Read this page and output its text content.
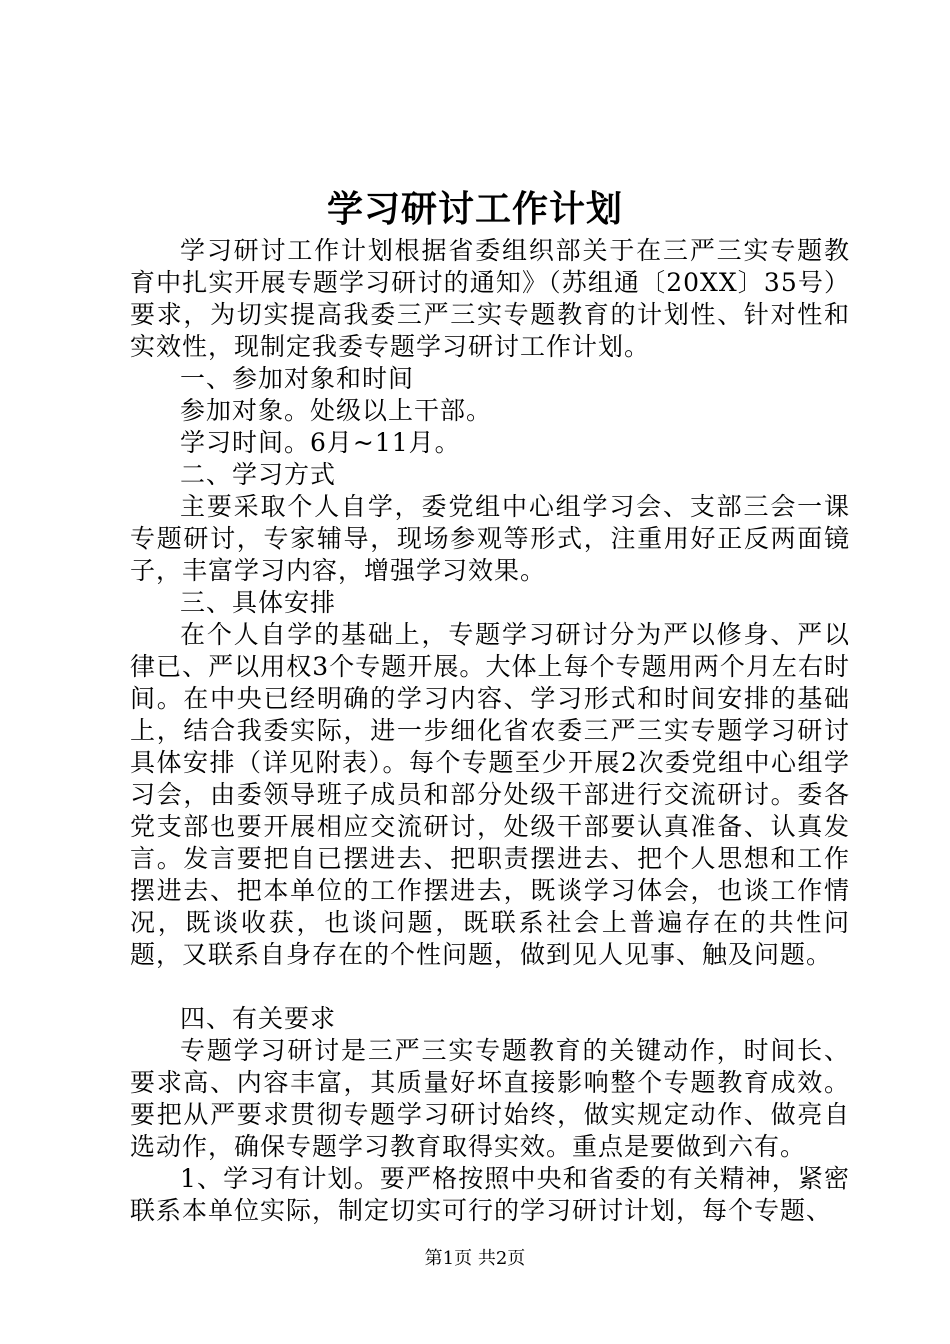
学习研讨工作计划

学习研讨工作计划根据省委组织部关于在三严三实专题教育中扎实开展专题学习研讨的通知》（苏组通〔20XX〕35号）要求，为切实提高我委三严三实专题教育的计划性、针对性和实效性，现制定我委专题学习研讨工作计划。

一、参加对象和时间

参加对象。处级以上干部。

学习时间。6月~11月。

二、学习方式

主要采取个人自学，委党组中心组学习会、支部三会一课专题研讨，专家辅导，现场参观等形式，注重用好正反两面镜子，丰富学习内容，增强学习效果。

三、具体安排

在个人自学的基础上，专题学习研讨分为严以修身、严以律已、严以用权3个专题开展。大体上每个专题用两个月左右时间。在中央已经明确的学习内容、学习形式和时间安排的基础上，结合我委实际，进一步细化省农委三严三实专题学习研讨具体安排（详见附表）。每个专题至少开展2次委党组中心组学习会，由委领导班子成员和部分处级干部进行交流研讨。委各党支部也要开展相应交流研讨，处级干部要认真准备、认真发言。发言要把自已摆进去、把职责摆进去、把个人思想和工作摆进去、把本单位的工作摆进去，既谈学习体会，也谈工作情况，既谈收获，也谈问题，既联系社会上普遍存在的共性问题，又联系自身存在的个性问题，做到见人见事、触及问题。

四、有关要求

专题学习研讨是三严三实专题教育的关键动作，时间长、要求高、内容丰富，其质量好坏直接影响整个专题教育成效。要把从严要求贯彻专题学习研讨始终，做实规定动作、做亮自选动作，确保专题学习教育取得实效。重点是要做到六有。

1、学习有计划。要严格按照中央和省委的有关精神，紧密联系本单位实际，制定切实可行的学习研讨计划，每个专题、

第1页 共2页
